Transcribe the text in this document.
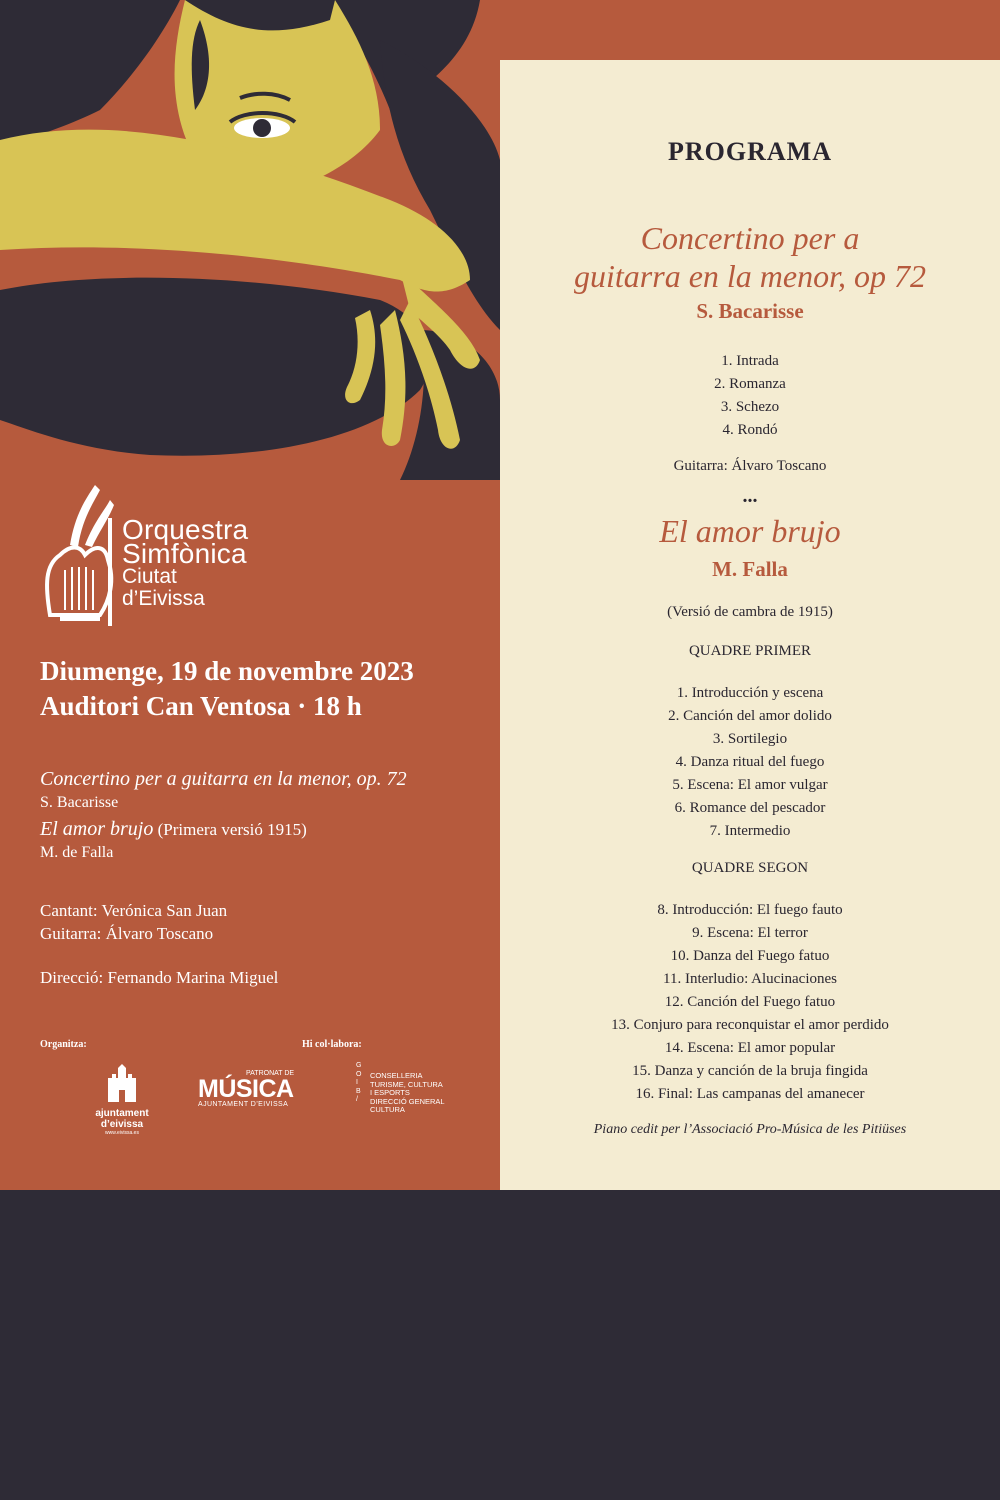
Orquestra
Simfònica
Ciutat
d’Eivissa
Diumenge, 19 de novembre 2023
Auditori Can Ventosa · 18 h
Concertino per a guitarra en la menor, op. 72
S. Bacarisse
El amor brujo (Primera versió 1915)
M. de Falla
Cantant: Verónica San Juan
Guitarra: Álvaro Toscano
Direcció: Fernando Marina Miguel
Organitza:	Hi col·labora:
ajuntament
d’eivissa
www.eivissa.es
PATRONAT DE
MÚSICA
AJUNTAMENT D’EIVISSA
G O I B /
CONSELLERIA
TURISME, CULTURA
I ESPORTS
DIRECCIÓ GENERAL
CULTURA
PROGRAMA
Concertino per a
guitarra en la menor, op 72
S. Bacarisse
1. Intrada
2. Romanza
3. Schezo
4. Rondó
Guitarra: Álvaro Toscano
...
El amor brujo
M. Falla
(Versió de cambra de 1915)
QUADRE PRIMER
1. Introducción y escena
2. Canción del amor dolido
3. Sortilegio
4. Danza ritual del fuego
5. Escena: El amor vulgar
6. Romance del pescador
7. Intermedio
QUADRE SEGON
8. Introducción: El fuego fauto
9. Escena: El terror
10. Danza del Fuego fatuo
11. Interludio: Alucinaciones
12. Canción del Fuego fatuo
13. Conjuro para reconquistar el amor perdido
14. Escena: El amor popular
15. Danza y canción de la bruja fingida
16. Final: Las campanas del amanecer
Piano cedit per l’Associació Pro-Música de les Pitiüses
